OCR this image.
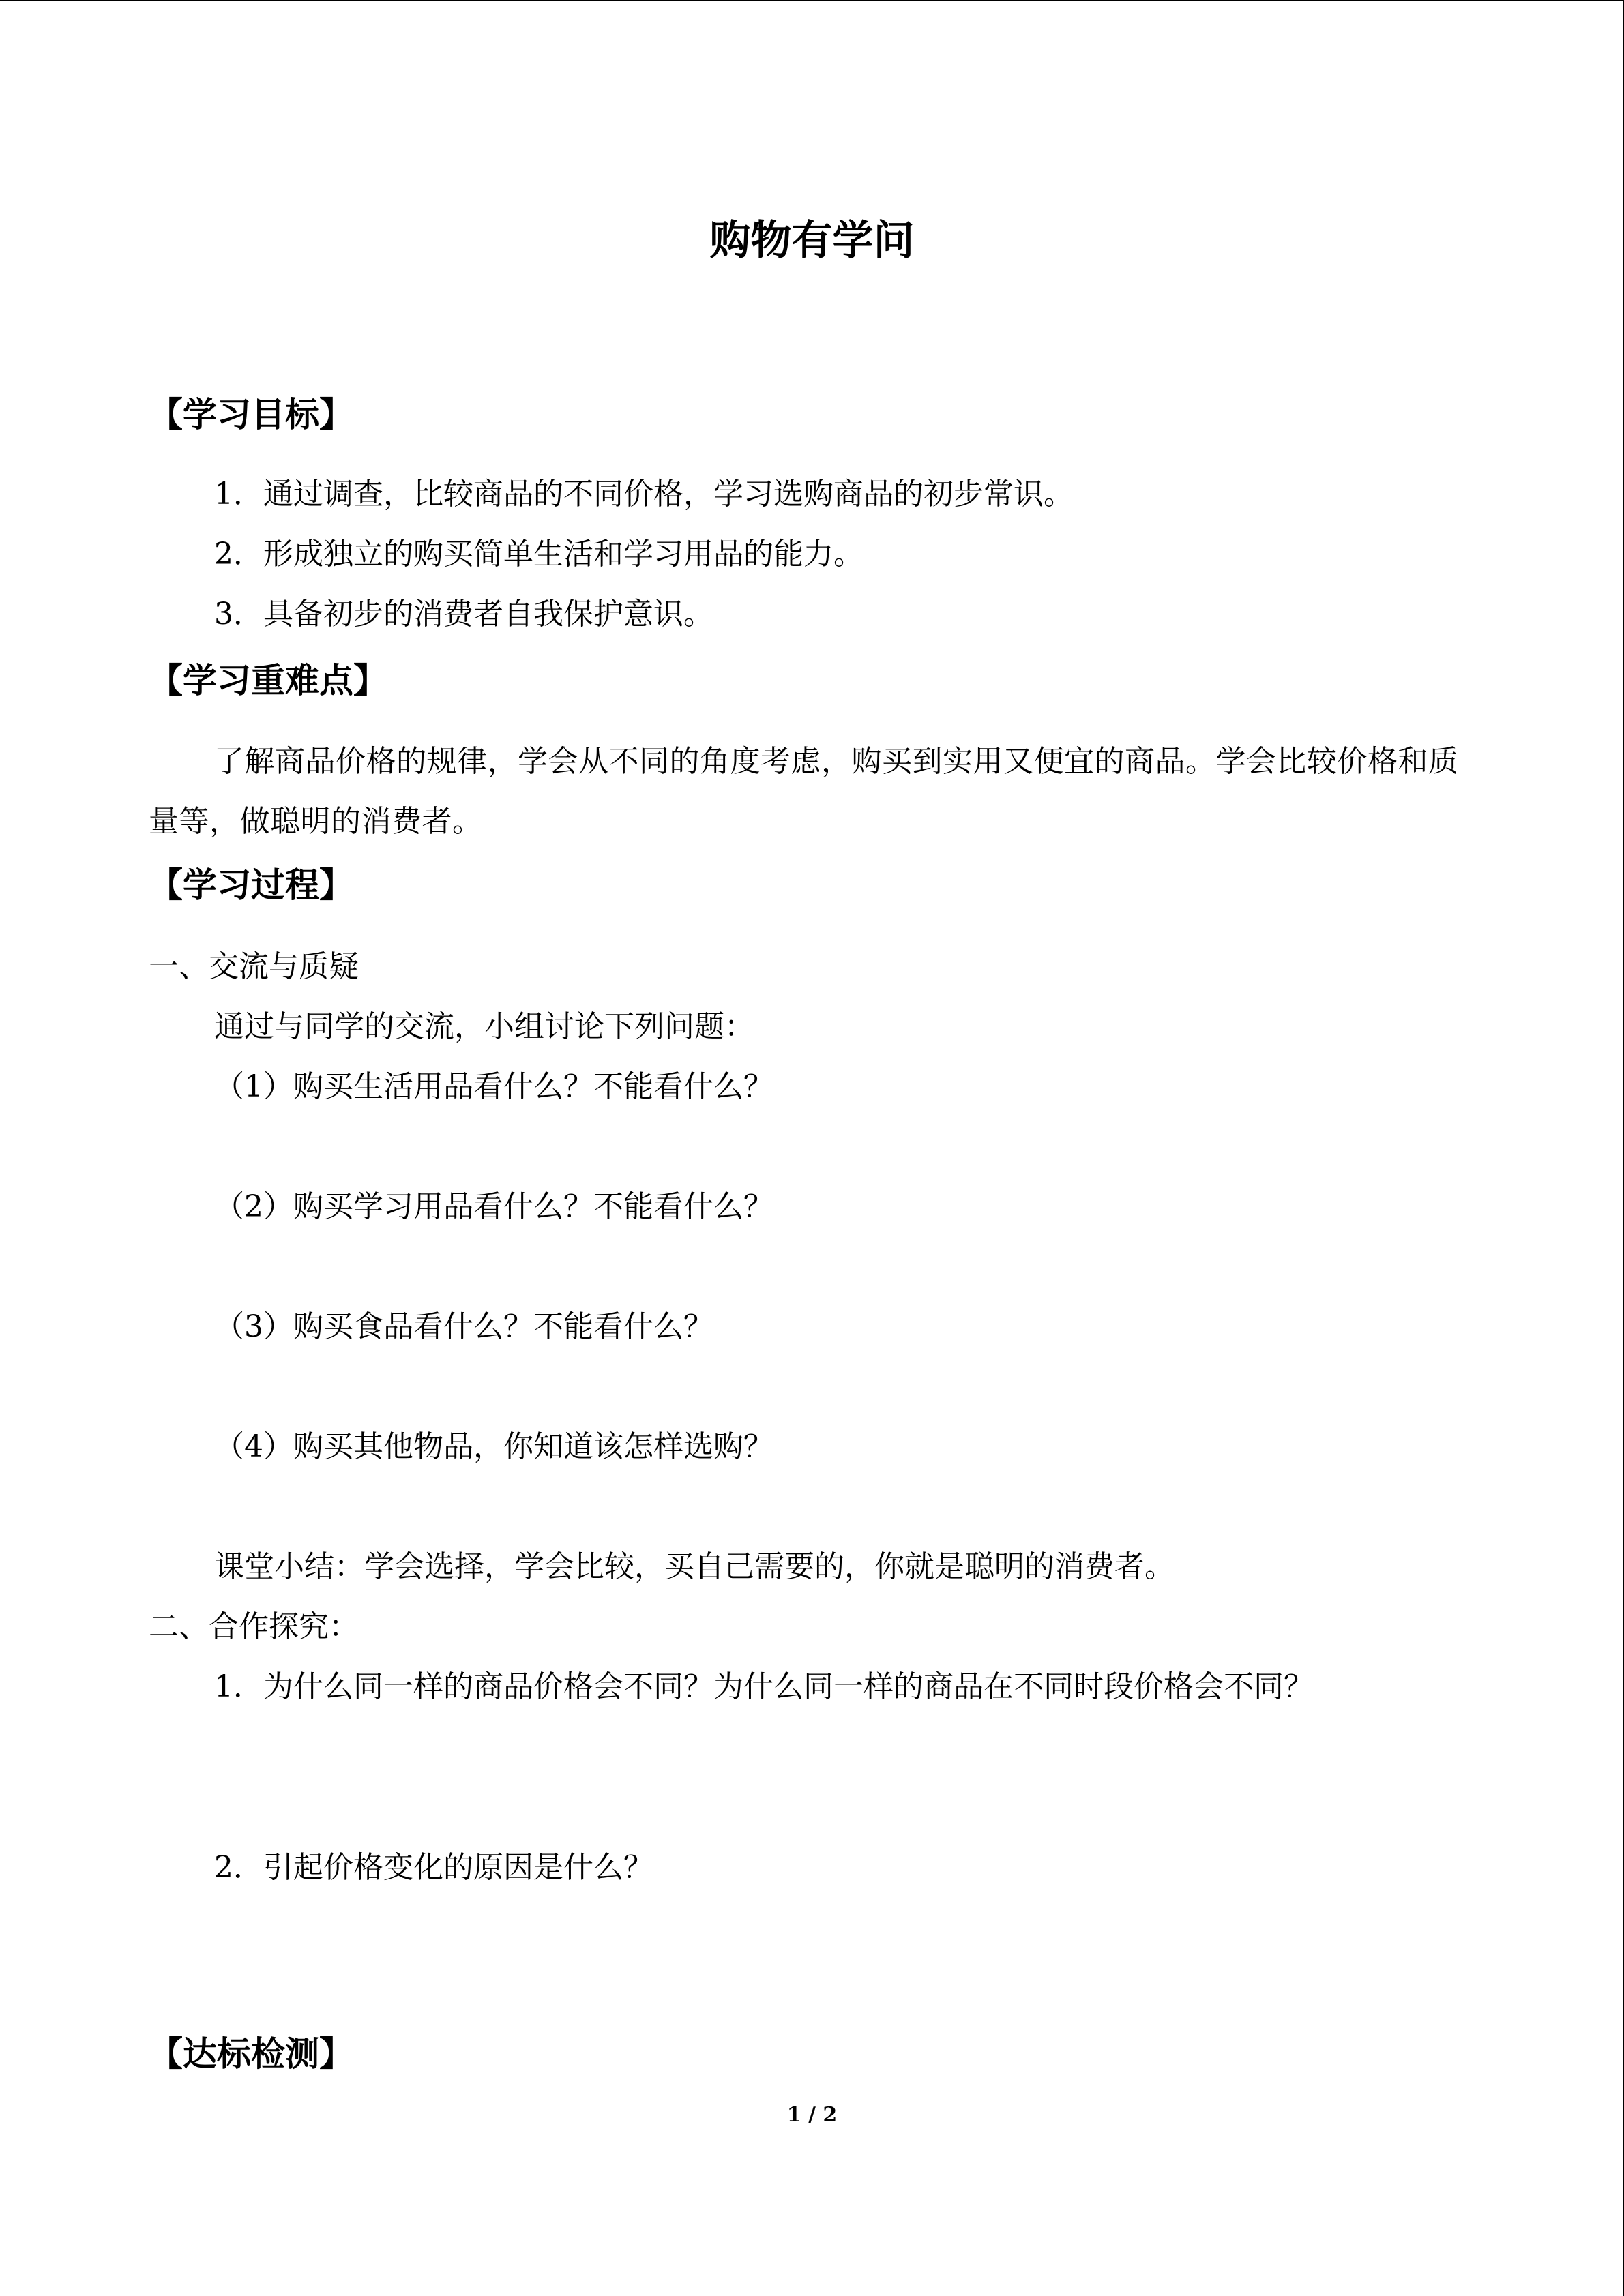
购物有学问
【学习目标】
1．通过调查，比较商品的不同价格，学习选购商品的初步常识。
2．形成独立的购买简单生活和学习用品的能力。
3．具备初步的消费者自我保护意识。
【学习重难点】
了解商品价格的规律，学会从不同的角度考虑，购买到实用又便宜的商品。学会比较价格和质量等，做聪明的消费者。
【学习过程】
一、交流与质疑
通过与同学的交流，小组讨论下列问题：
（1）购买生活用品看什么？不能看什么？
（2）购买学习用品看什么？不能看什么？
（3）购买食品看什么？不能看什么？
（4）购买其他物品，你知道该怎样选购？
课堂小结：学会选择，学会比较，买自己需要的，你就是聪明的消费者。
二、合作探究：
1．为什么同一样的商品价格会不同？为什么同一样的商品在不同时段价格会不同？
2．引起价格变化的原因是什么？
【达标检测】
1 / 2
